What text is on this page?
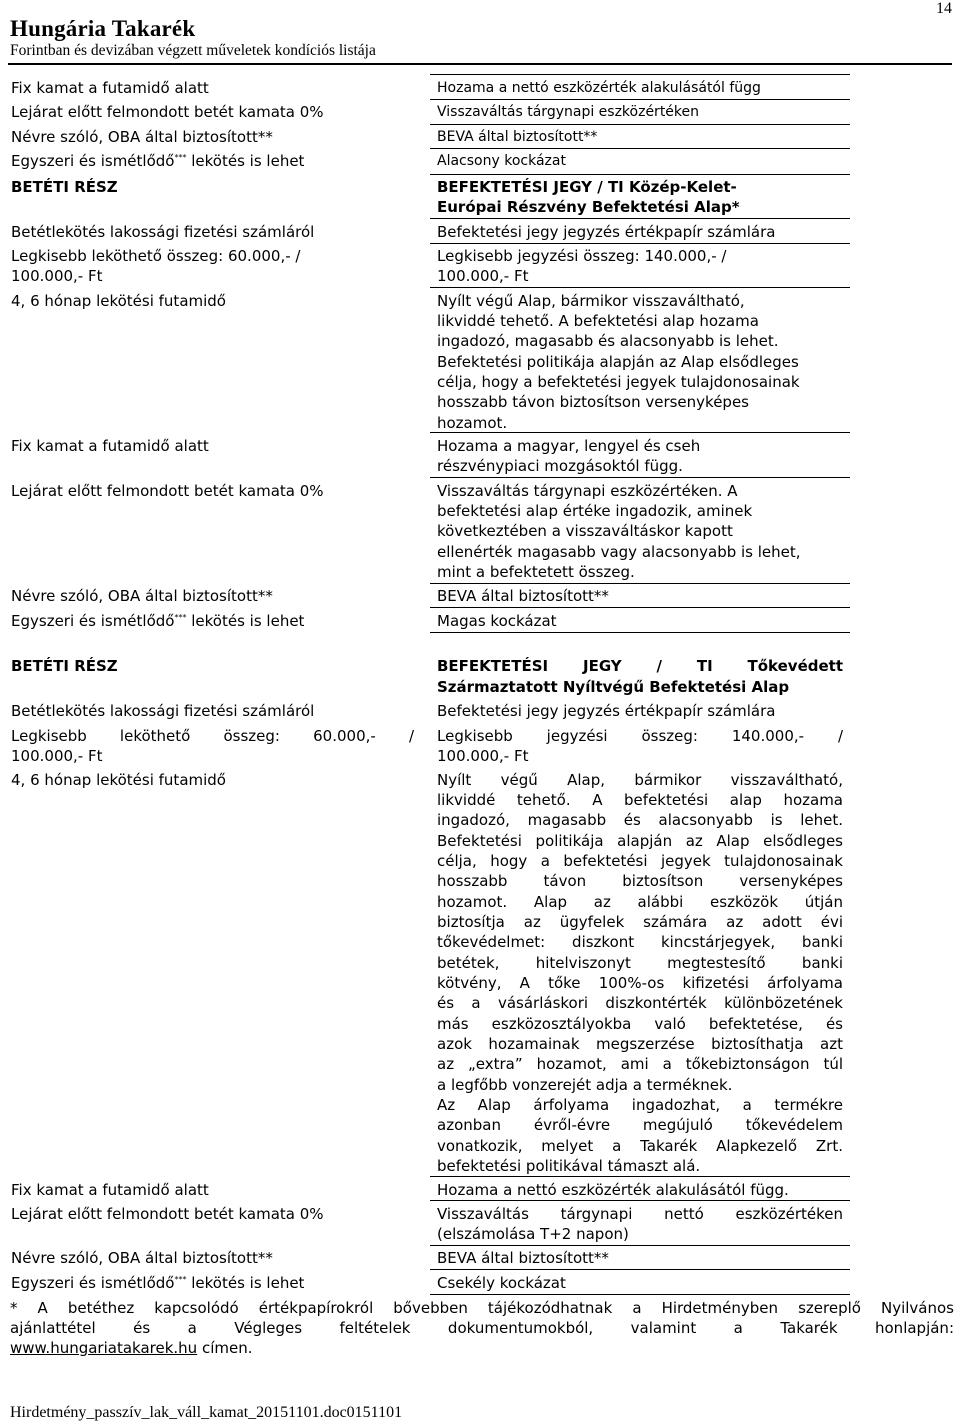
Hungária Takarék
Forintban és devizában végzett műveletek kondíciós listája
14
Fix kamat a futamidő alatt
Lejárat előtt felmondott betét kamata 0%
Névre szóló, OBA által biztosított**
Egyszeri és ismétlődő*** lekötés is lehet
Hozama a nettó eszközérték alakulásától függ
Visszaváltás tárgynapi eszközértéken
BEVA által biztosított**
Alacsony kockázat
BETÉTI RÉSZ
Betétlekötés lakossági fizetési számláról
Legkisebb leköthető összeg: 60.000,- /
100.000,- Ft
4, 6 hónap lekötési futamidő
Fix kamat a futamidő alatt
Lejárat előtt felmondott betét kamata 0%
Névre szóló, OBA által biztosított**
Egyszeri és ismétlődő*** lekötés is lehet
BEFEKTETÉSI JEGY / TI Közép-Kelet-
Európai Részvény Befektetési Alap*
Befektetési jegy jegyzés értékpapír számlára
Legkisebb jegyzési összeg: 140.000,- /
100.000,- Ft
Nyílt végű Alap, bármikor visszaváltható,
likviddé tehető. A befektetési alap hozama
ingadozó, magasabb és alacsonyabb is lehet.
Befektetési politikája alapján az Alap elsődleges
célja, hogy a befektetési jegyek tulajdonosainak
hosszabb távon biztosítson versenyképes
hozamot.
Hozama a magyar, lengyel és cseh
részvénypiaci mozgásoktól függ.
Visszaváltás tárgynapi eszközértéken. A
befektetési alap értéke ingadozik, aminek
következtében a visszaváltáskor kapott
ellenérték magasabb vagy alacsonyabb is lehet,
mint a befektetett összeg.
BEVA által biztosított**
Magas kockázat
BETÉTI RÉSZ
Betétlekötés lakossági fizetési számláról
Legkisebb leköthető összeg: 60.000,- /
100.000,- Ft
4, 6 hónap lekötési futamidő
Fix kamat a futamidő alatt
Lejárat előtt felmondott betét kamata 0%
Névre szóló, OBA által biztosított**
Egyszeri és ismétlődő*** lekötés is lehet
BEFEKTETÉSI JEGY / TI Tőkevédett
Származtatott Nyíltvégű Befektetési Alap
Befektetési jegy jegyzés értékpapír számlára
Legkisebb jegyzési összeg: 140.000,- /
100.000,- Ft
Nyílt végű Alap, bármikor visszaváltható,
likviddé tehető. A befektetési alap hozama
ingadozó, magasabb és alacsonyabb is lehet.
Befektetési politikája alapján az Alap elsődleges
célja, hogy a befektetési jegyek tulajdonosainak
hosszabb távon biztosítson versenyképes
hozamot. Alap az alábbi eszközök útján
biztosítja az ügyfelek számára az adott évi
tőkevédelmet: diszkont kincstárjegyek, banki
betétek, hitelviszonyt megtestesítő banki
kötvény, A tőke 100%-os kifizetési árfolyama
és a vásárláskori diszkontérték különbözetének
más eszközosztályokba való befektetése, és
azok hozamainak megszerzése biztosíthatja azt
az „extra” hozamot, ami a tőkebiztonságon túl
a legfőbb vonzerejét adja a terméknek.
Az Alap árfolyama ingadozhat, a termékre
azonban évről-évre megújuló tőkevédelem
vonatkozik, melyet a Takarék Alapkezelő Zrt.
befektetési politikával támaszt alá.
Hozama a nettó eszközérték alakulásától függ.
Visszaváltás tárgynapi nettó eszközértéken
(elszámolása T+2 napon)
BEVA által biztosított**
Csekély kockázat
* A betéthez kapcsolódó értékpapírokról bővebben tájékozódhatnak a Hirdetményben szereplő Nyilvános
ajánlattétel és a Végleges feltételek dokumentumokból, valamint a Takarék honlapján:
www.hungariatakarek.hu címen.
Hirdetmény_passzív_lak_váll_kamat_20151101.doc0151101
